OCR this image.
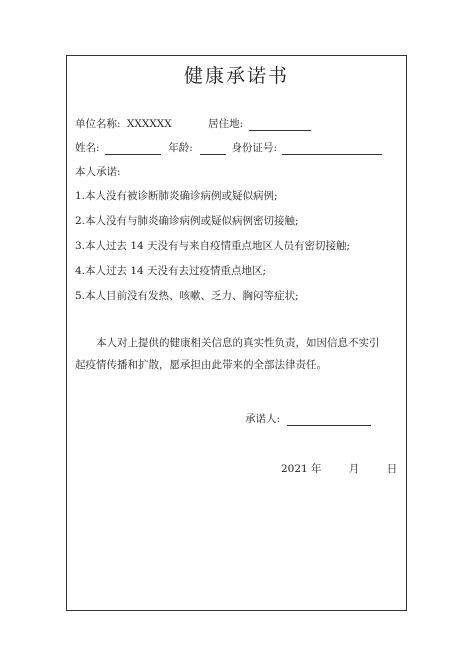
健康承诺书
单位名称: XXXXXX	居住地:
姓名:	年龄:	身份证号:
本人承诺:
1.本人没有被诊断肺炎确诊病例或疑似病例;
2.本人没有与肺炎确诊病例或疑似病例密切接触;
3.本人过去 14 天没有与来自疫情重点地区人员有密切接触;
4.本人过去 14 天没有去过疫情重点地区;
5.本人目前没有发热、咳嗽、乏力、胸闷等症状;
本人对上提供的健康相关信息的真实性负责，如因信息不实引起疫情传播和扩散，愿承担由此带来的全部法律责任。
承诺人:
2021 年	月	日
